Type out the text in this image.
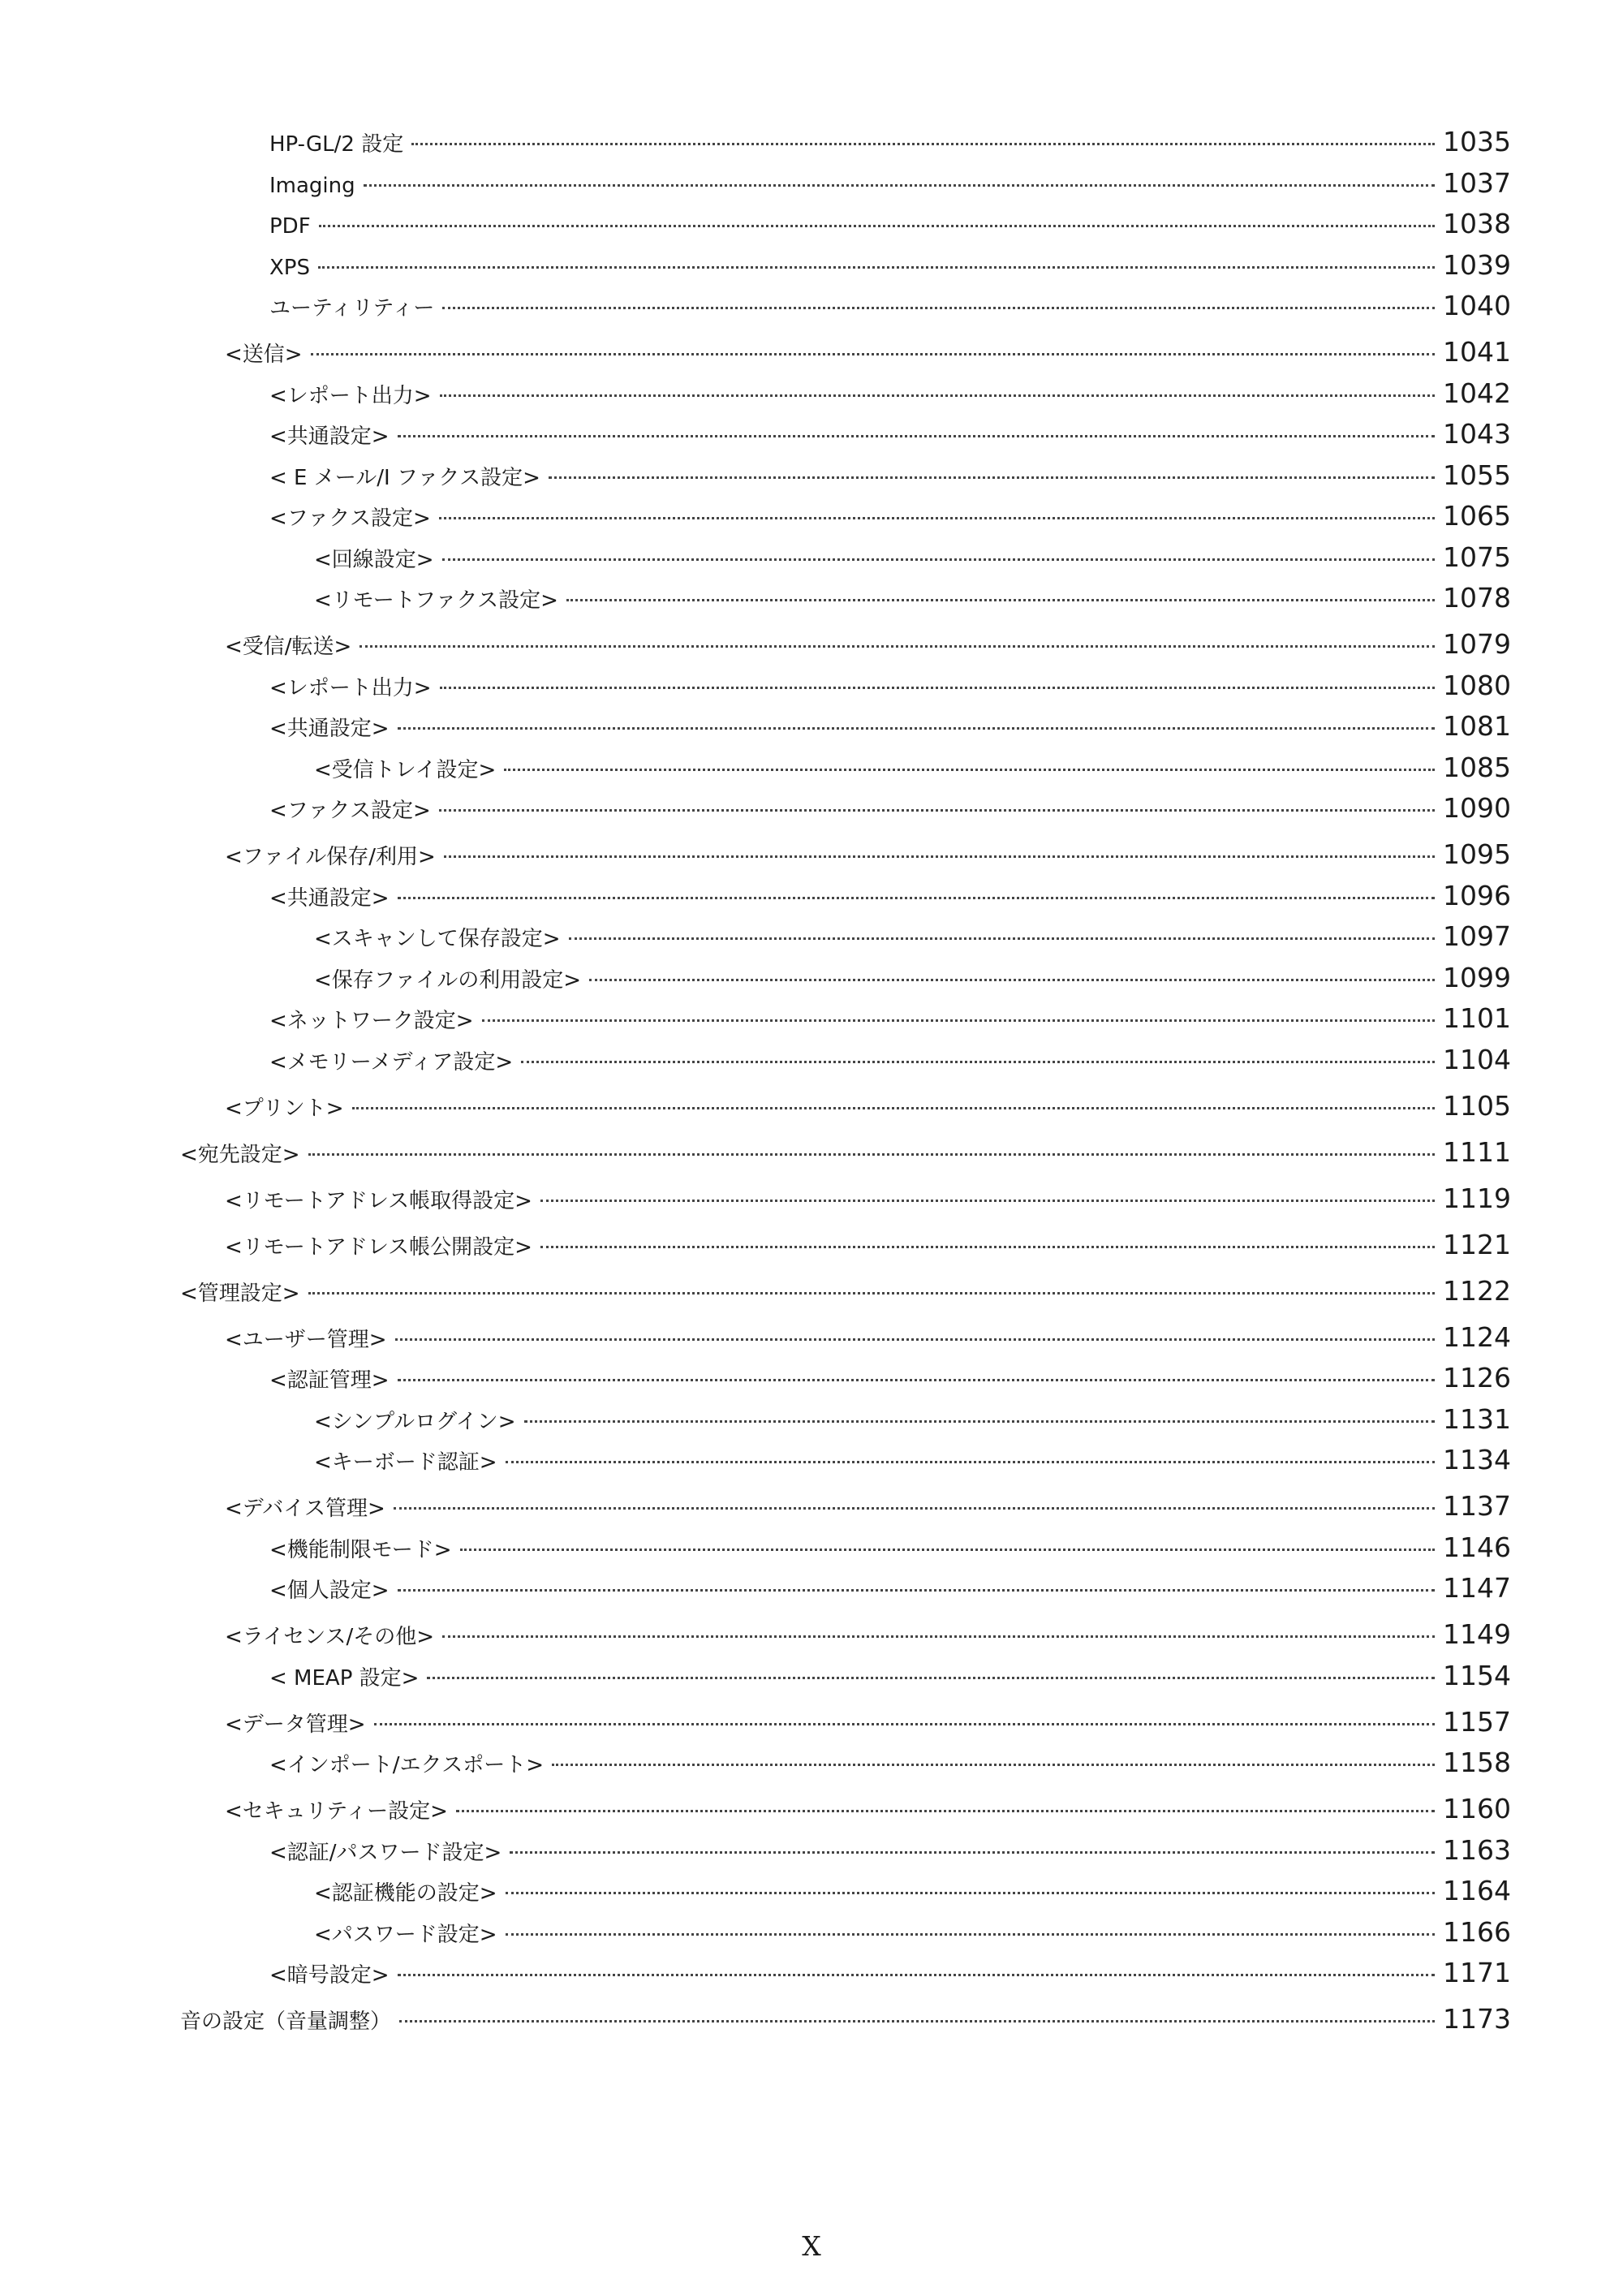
HP-GL/2 設定	1035
Imaging	1037
PDF	1038
XPS	1039
ユーティリティー	1040
<送信>	1041
<レポート出力>	1042
<共通設定>	1043
< E メール/I ファクス設定>	1055
<ファクス設定>	1065
<回線設定>	1075
<リモートファクス設定>	1078
<受信/転送>	1079
<レポート出力>	1080
<共通設定>	1081
<受信トレイ設定>	1085
<ファクス設定>	1090
<ファイル保存/利用>	1095
<共通設定>	1096
<スキャンして保存設定>	1097
<保存ファイルの利用設定>	1099
<ネットワーク設定>	1101
<メモリーメディア設定>	1104
<プリント>	1105
<宛先設定>	1111
<リモートアドレス帳取得設定>	1119
<リモートアドレス帳公開設定>	1121
<管理設定>	1122
<ユーザー管理>	1124
<認証管理>	1126
<シンプルログイン>	1131
<キーボード認証>	1134
<デバイス管理>	1137
<機能制限モード>	1146
<個人設定>	1147
<ライセンス/その他>	1149
< MEAP 設定>	1154
<データ管理>	1157
<インポート/エクスポート>	1158
<セキュリティー設定>	1160
<認証/パスワード設定>	1163
<認証機能の設定>	1164
<パスワード設定>	1166
<暗号設定>	1171
音の設定（音量調整）	1173
X
